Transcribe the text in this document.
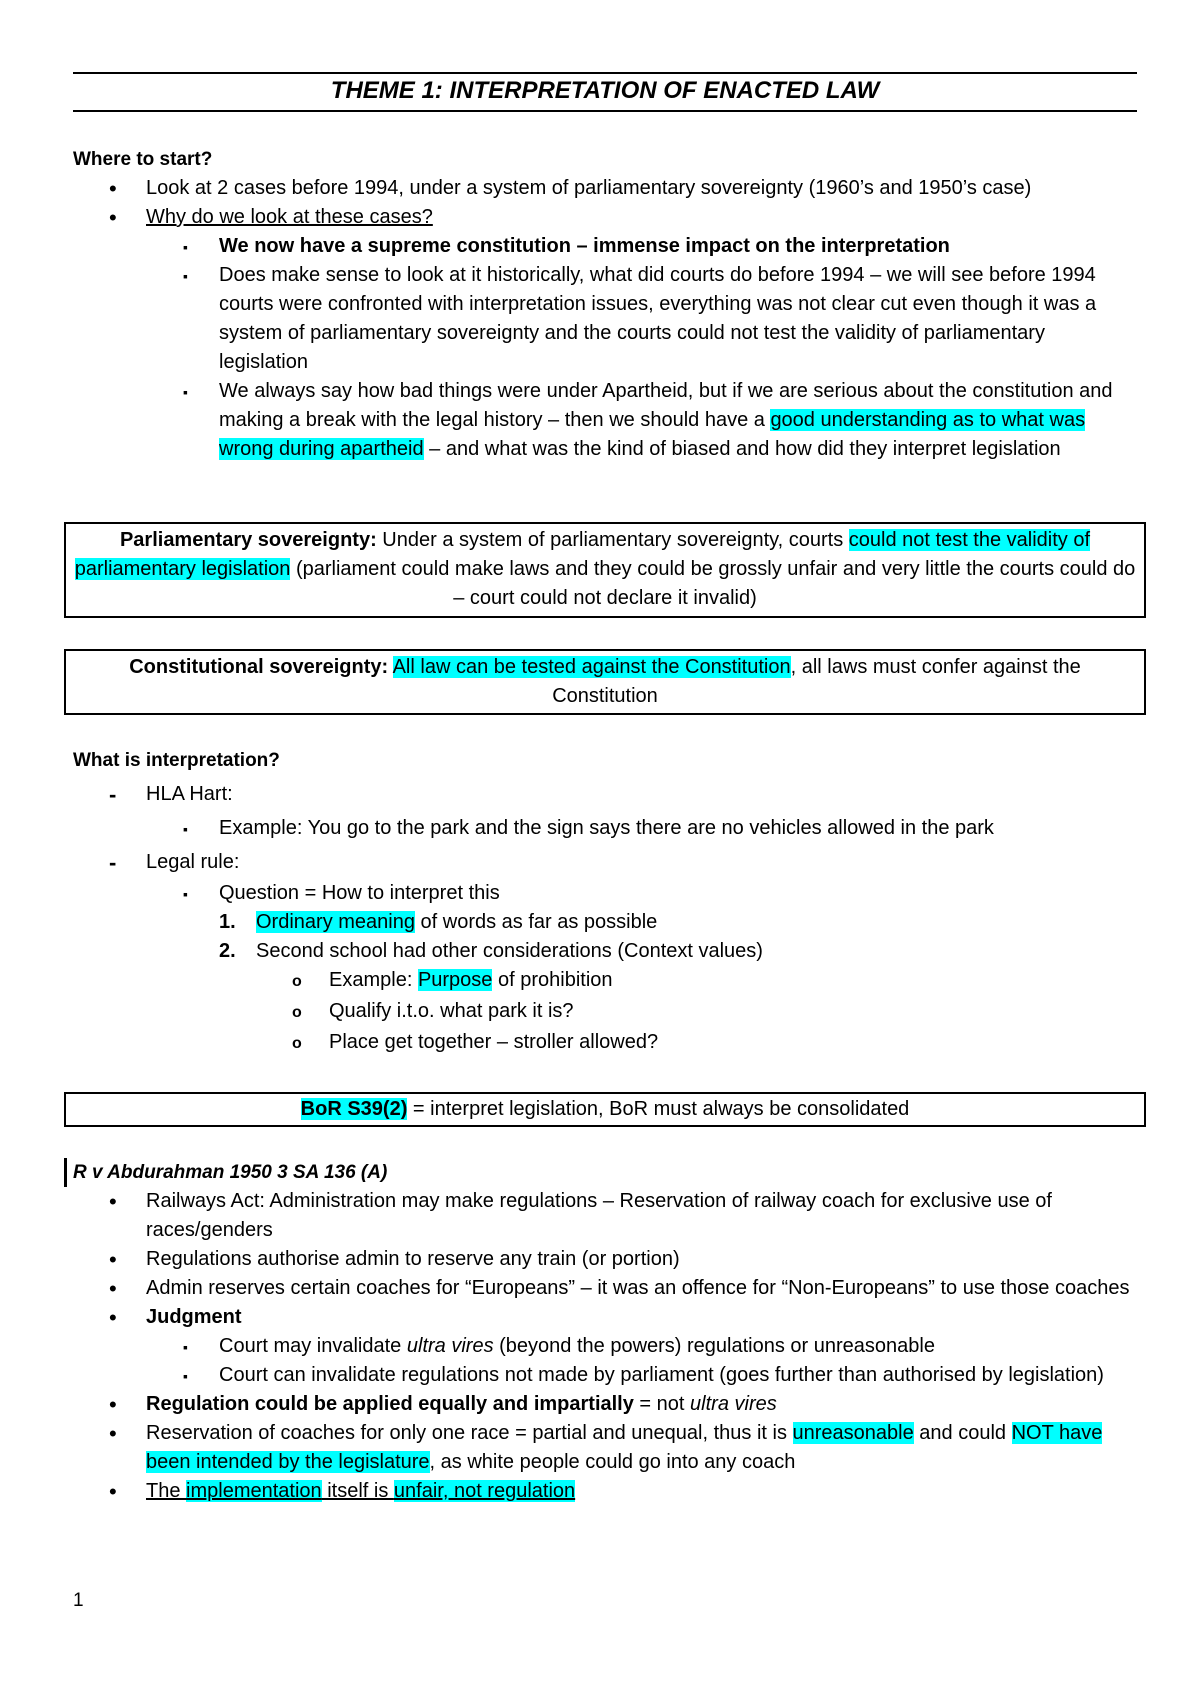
THEME 1: INTERPRETATION OF ENACTED LAW
Where to start?
•
Look at 2 cases before 1994, under a system of parliamentary sovereignty (1960’s and 1950’s case)
•
Why do we look at these cases?
▪
We now have a supreme constitution – immense impact on the interpretation
▪
Does make sense to look at it historically, what did courts do before 1994 – we will see before 1994 courts were confronted with interpretation issues, everything was not clear cut even though it was a system of parliamentary sovereignty and the courts could not test the validity of parliamentary legislation
▪
We always say how bad things were under Apartheid, but if we are serious about the constitution and making a break with the legal history – then we should have a good understanding as to what was wrong during apartheid – and what was the kind of biased and how did they interpret legislation
Parliamentary sovereignty: Under a system of parliamentary sovereignty, courts could not test the validity of parliamentary legislation (parliament could make laws and they could be grossly unfair and very little the courts could do – court could not declare it invalid)
Constitutional sovereignty: All law can be tested against the Constitution, all laws must confer against the Constitution
What is interpretation?
-
HLA Hart:
▪
Example: You go to the park and the sign says there are no vehicles allowed in the park
-
Legal rule:
▪
Question = How to interpret this
1. Ordinary meaning of words as far as possible
2. Second school had other considerations (Context values)
o
Example: Purpose of prohibition
o
Qualify i.t.o. what park it is?
o
Place get together – stroller allowed?
BoR S39(2) = interpret legislation, BoR must always be consolidated
R v Abdurahman 1950 3 SA 136 (A)
•
Railways Act: Administration may make regulations – Reservation of railway coach for exclusive use of races/genders
•
Regulations authorise admin to reserve any train (or portion)
•
Admin reserves certain coaches for “Europeans” – it was an offence for “Non-Europeans” to use those coaches
•
Judgment
▪
Court may invalidate ultra vires (beyond the powers) regulations or unreasonable
▪
Court can invalidate regulations not made by parliament (goes further than authorised by legislation)
•
Regulation could be applied equally and impartially = not ultra vires
•
Reservation of coaches for only one race = partial and unequal, thus it is unreasonable and could NOT have been intended by the legislature, as white people could go into any coach
•
The implementation itself is unfair, not regulation
1
